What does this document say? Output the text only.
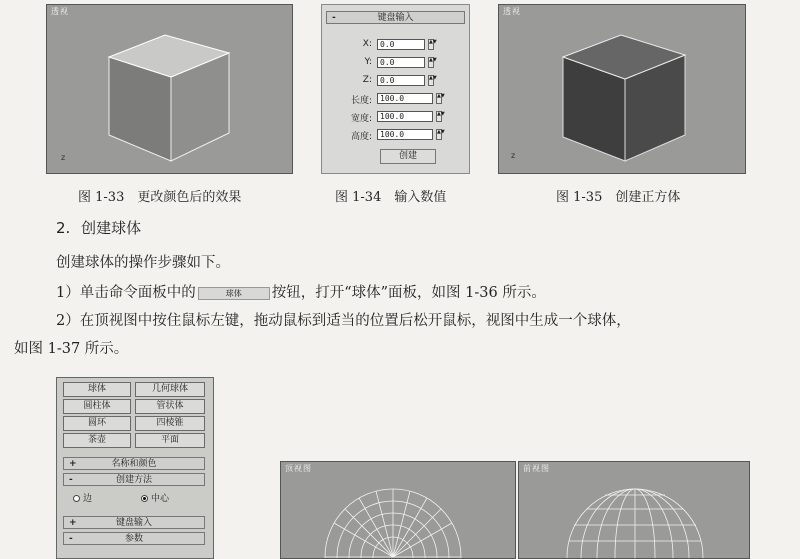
透视
z
图 1-33　更改颜色后的效果
-	键盘输入
X:	0.0	▲▼
Y:	0.0	▲▼
Z:	0.0	▲▼
长度:	100.0	▲▼
宽度:	100.0	▲▼
高度:	100.0	▲▼
创建
图 1-34　输入数值
透视
z
图 1-35　创建正方体
2. 创建球体
创建球体的操作步骤如下。
1）单击命令面板中的	球体 按钮，打开“球体”面板，如图 1-36 所示。
2）在顶视图中按住鼠标左键，拖动鼠标到适当的位置后松开鼠标，视图中生成一个球体，
如图 1-37 所示。
球体	几何球体
圆柱体	管状体
圆环	四棱锥
茶壶	平面
+	名称和颜色
-	创建方法
边	中心
+	键盘输入
-	参数
顶视图	前视图
